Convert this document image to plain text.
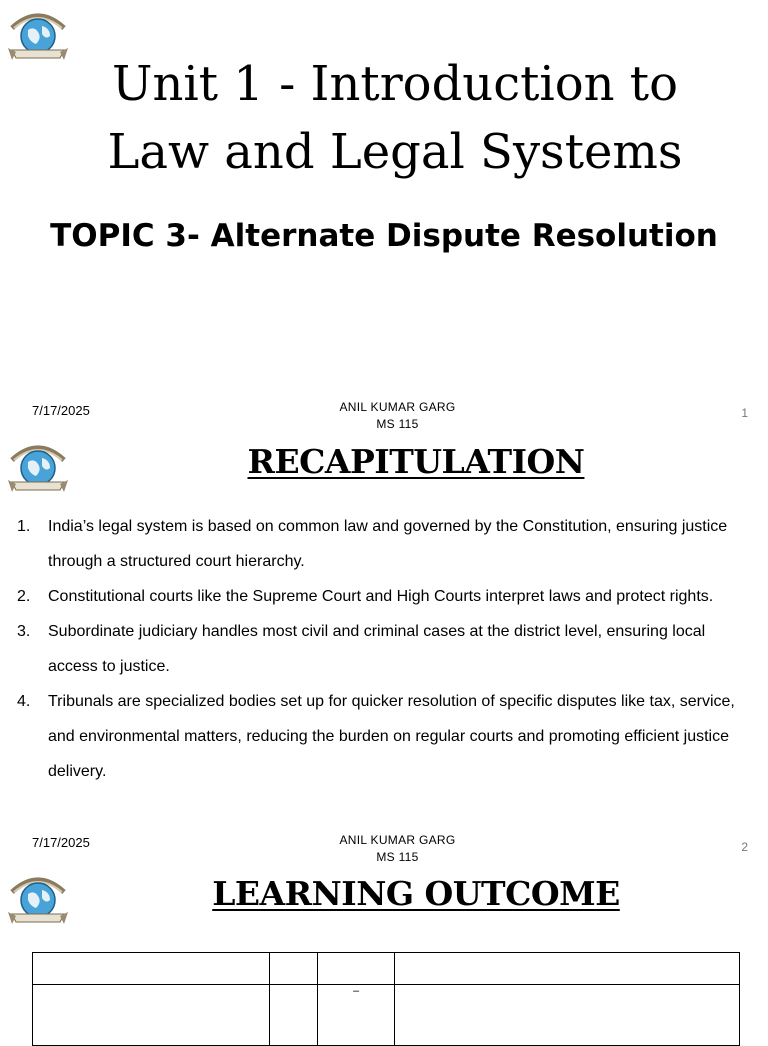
Unit 1 - Introduction to
Law and Legal Systems
TOPIC 3- Alternate Dispute Resolution
7/17/2025	ANIL KUMAR GARG
MS 115
1
RECAPITULATION
1. India’s legal system is based on common law and governed by the Constitution, ensuring justice through a structured court hierarchy.
2. Constitutional courts like the Supreme Court and High Courts interpret laws and protect rights.
3. Subordinate judiciary handles most civil and criminal cases at the district level, ensuring local access to justice.
4. Tribunals are specialized bodies set up for quicker resolution of specific disputes like tax, service, and environmental matters, reducing the burden on regular courts and promoting efficient justice delivery.
7/17/2025	ANIL KUMAR GARG
MS 115
2
LEARNING OUTCOME

		–	
